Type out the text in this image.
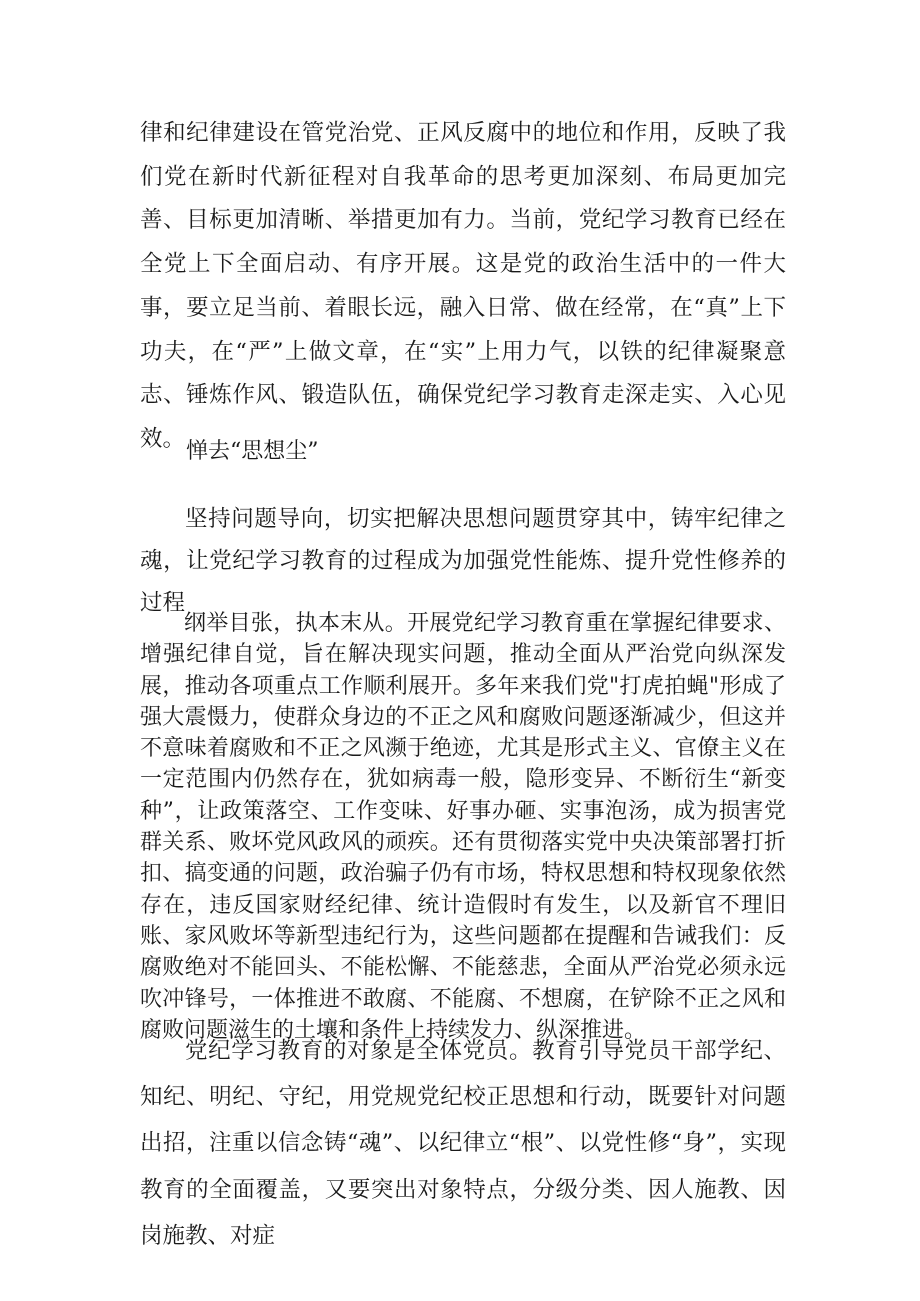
律和纪律建设在管党治党、正风反腐中的地位和作用，反映了我们党在新时代新征程对自我革命的思考更加深刻、布局更加完善、目标更加清晰、举措更加有力。当前，党纪学习教育已经在全党上下全面启动、有序开展。这是党的政治生活中的一件大事，要立足当前、着眼长远，融入日常、做在经常，在“真”上下功夫，在“严”上做文章，在“实”上用力气，以铁的纪律凝聚意志、锤炼作风、锻造队伍，确保党纪学习教育走深走实、入心见效。 惮去“思想尘”

坚持问题导向，切实把解决思想问题贯穿其中，铸牢纪律之魂，让党纪学习教育的过程成为加强党性能炼、提升党性修养的过程

纲举目张，执本末从。开展党纪学习教育重在掌握纪律要求、增强纪律自觉，旨在解决现实问题，推动全面从严治党向纵深发展，推动各项重点工作顺利展开。多年来我们党"打虎拍蝇"形成了强大震慑力，使群众身边的不正之风和腐败问题逐渐减少，但这并不意味着腐败和不正之风濒于绝迹，尤其是形式主义、官僚主义在一定范围内仍然存在，犹如病毒一般，隐形变异、不断衍生“新变种”，让政策落空、工作变味、好事办砸、实事泡汤，成为损害党群关系、败坏党风政风的顽疾。还有贯彻落实党中央决策部署打折扣、搞变通的问题，政治骗子仍有市场，特权思想和特权现象依然存在，违反国家财经纪律、统计造假时有发生，以及新官不理旧账、家风败坏等新型违纪行为，这些问题都在提醒和告诫我们：反腐败绝对不能回头、不能松懈、不能慈悲，全面从严治党必须永远吹冲锋号，一体推进不敢腐、不能腐、不想腐，在铲除不正之风和腐败问题滋生的土壤和条件上持续发力、纵深推进。

党纪学习教育的对象是全体党员。教育引导党员干部学纪、知纪、明纪、守纪，用党规党纪校正思想和行动，既要针对问题出招，注重以信念铸“魂”、以纪律立“根”、以党性修“身”，实现教育的全面覆盖，又要突出对象特点，分级分类、因人施教、因岗施教、对症
